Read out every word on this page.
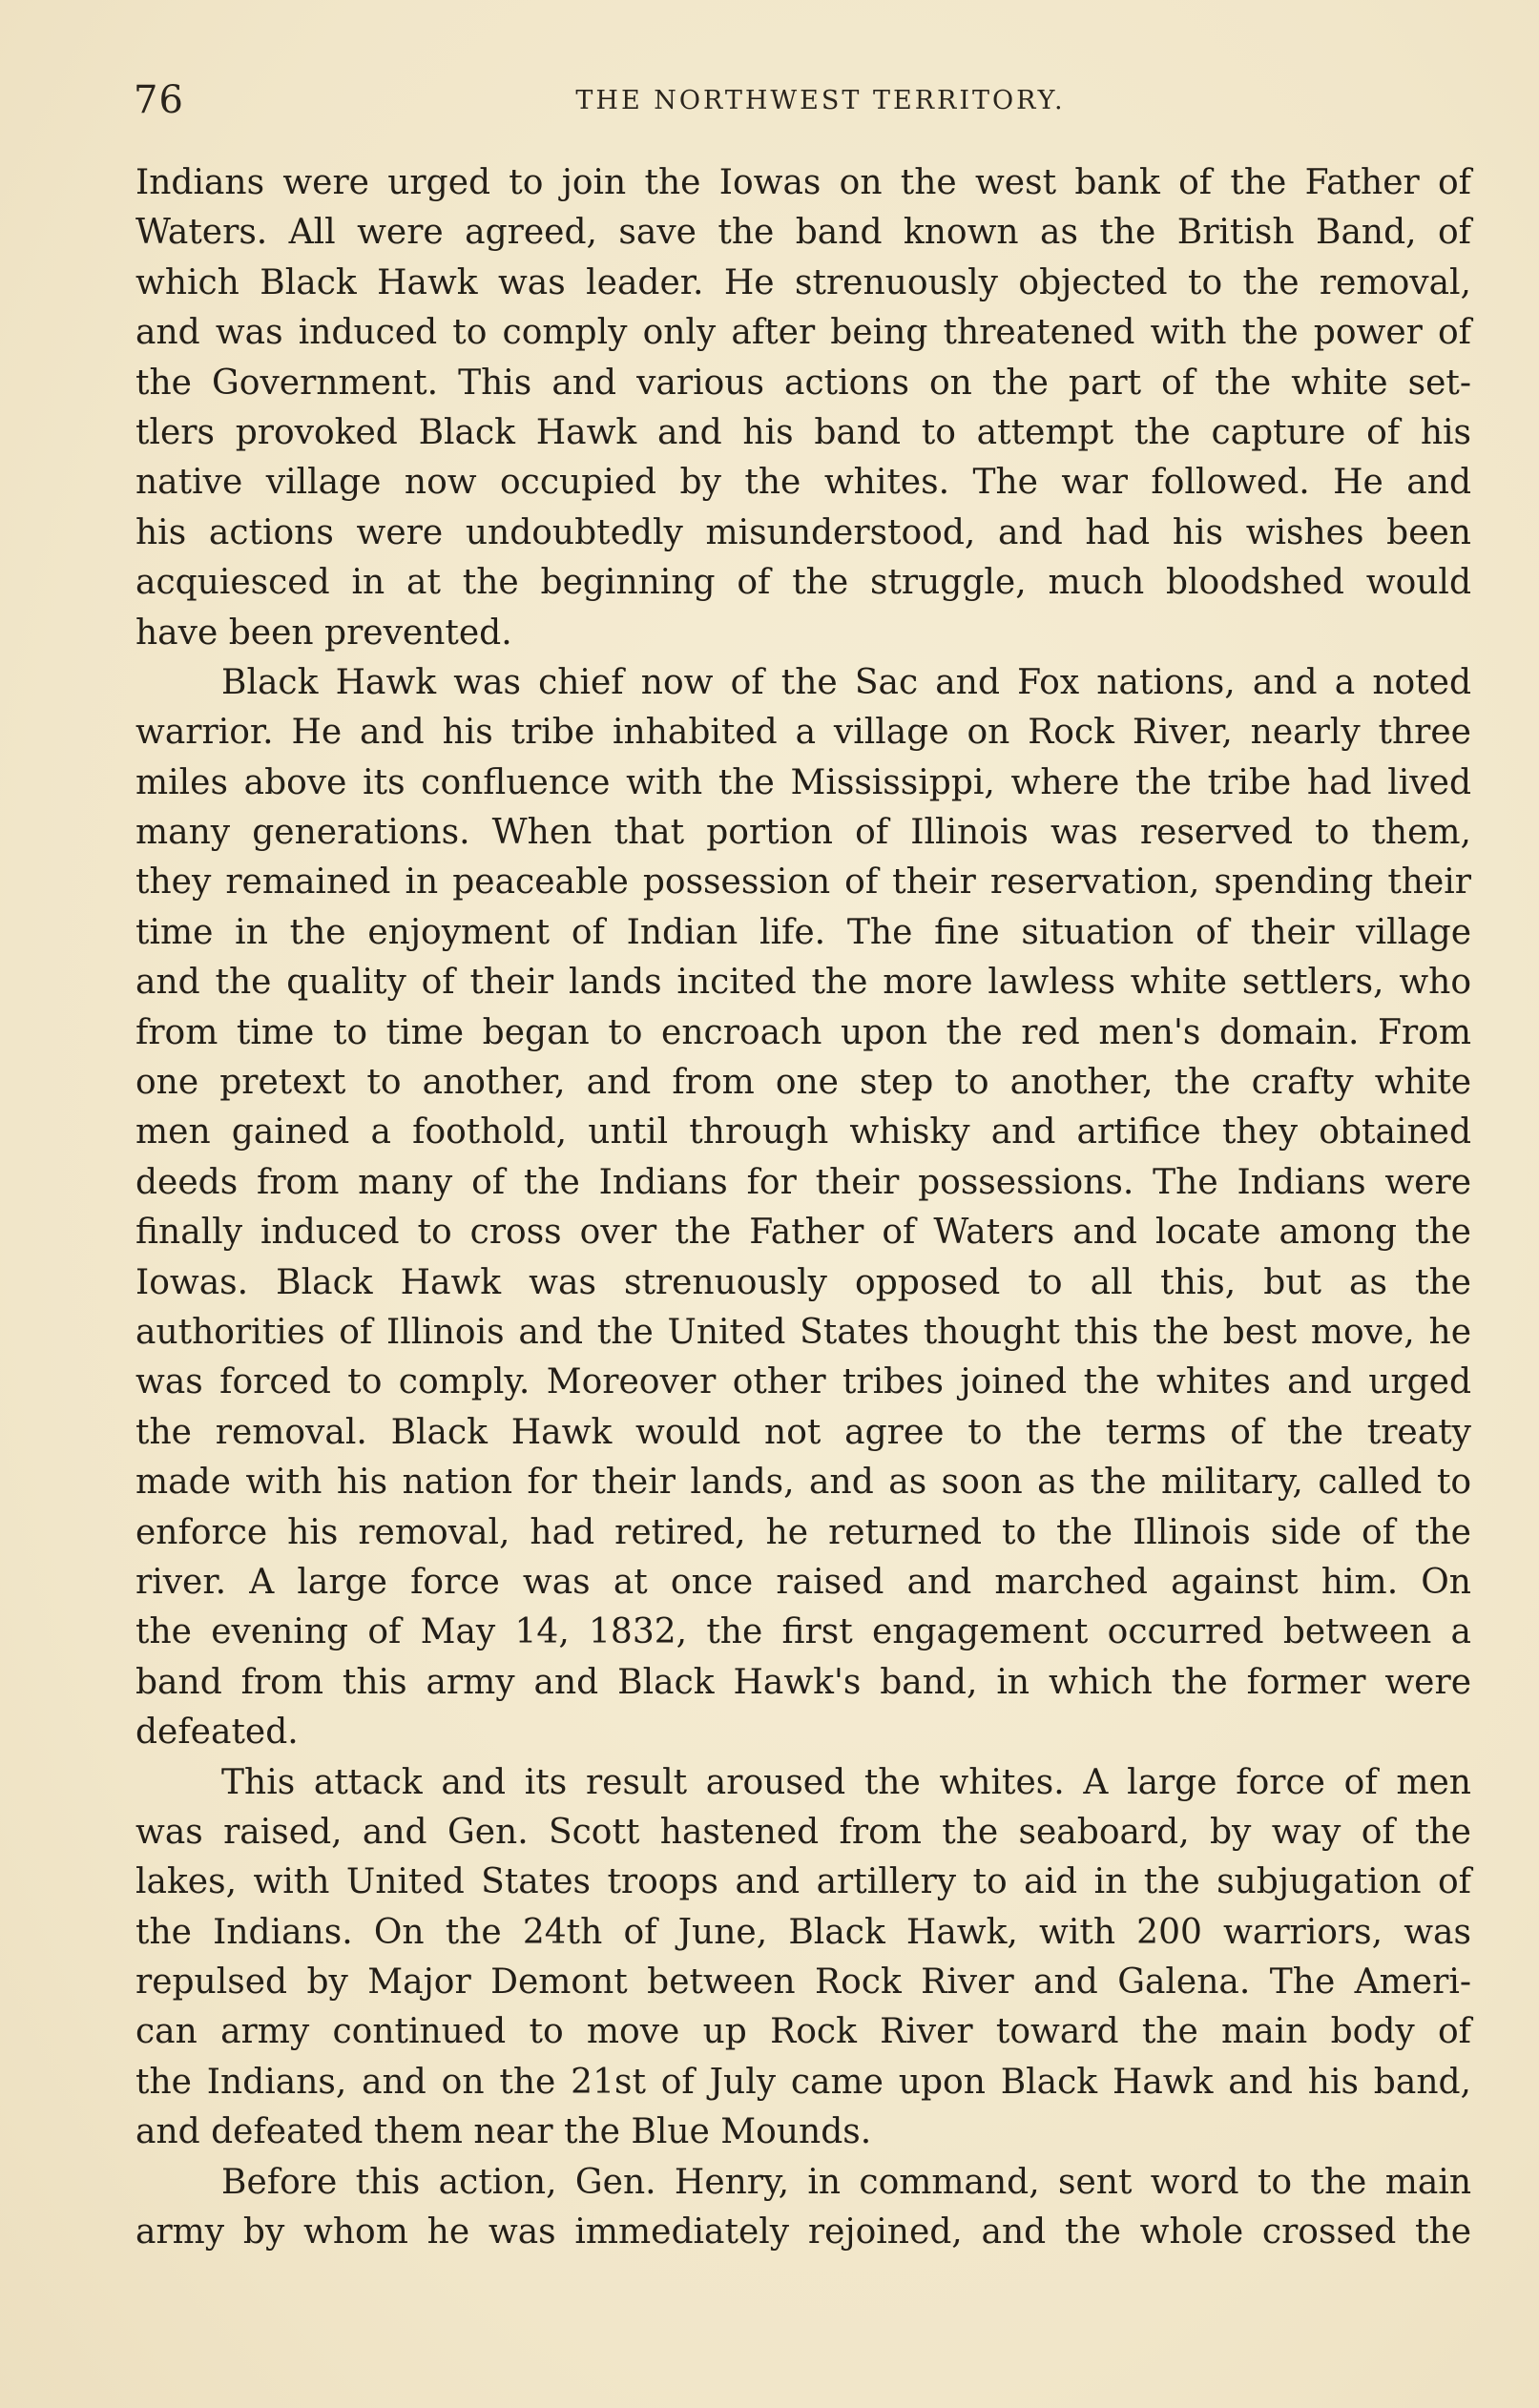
76	THE NORTHWEST TERRITORY.
Indians were urged to join the Iowas on the west bank of the Father of
Waters. All were agreed, save the band known as the British Band, of
which Black Hawk was leader. He strenuously objected to the removal,
and was induced to comply only after being threatened with the power of
the Government. This and various actions on the part of the white set-
tlers provoked Black Hawk and his band to attempt the capture of his
native village now occupied by the whites. The war followed. He and
his actions were undoubtedly misunderstood, and had his wishes been
acquiesced in at the beginning of the struggle, much bloodshed would
have been prevented.
Black Hawk was chief now of the Sac and Fox nations, and a noted
warrior. He and his tribe inhabited a village on Rock River, nearly three
miles above its confluence with the Mississippi, where the tribe had lived
many generations. When that portion of Illinois was reserved to them,
they remained in peaceable possession of their reservation, spending their
time in the enjoyment of Indian life. The fine situation of their village
and the quality of their lands incited the more lawless white settlers, who
from time to time began to encroach upon the red men's domain. From
one pretext to another, and from one step to another, the crafty white
men gained a foothold, until through whisky and artifice they obtained
deeds from many of the Indians for their possessions. The Indians were
finally induced to cross over the Father of Waters and locate among the
Iowas. Black Hawk was strenuously opposed to all this, but as the
authorities of Illinois and the United States thought this the best move, he
was forced to comply. Moreover other tribes joined the whites and urged
the removal. Black Hawk would not agree to the terms of the treaty
made with his nation for their lands, and as soon as the military, called to
enforce his removal, had retired, he returned to the Illinois side of the
river. A large force was at once raised and marched against him. On
the evening of May 14, 1832, the first engagement occurred between a
band from this army and Black Hawk's band, in which the former were
defeated.
This attack and its result aroused the whites. A large force of men
was raised, and Gen. Scott hastened from the seaboard, by way of the
lakes, with United States troops and artillery to aid in the subjugation of
the Indians. On the 24th of June, Black Hawk, with 200 warriors, was
repulsed by Major Demont between Rock River and Galena. The Ameri-
can army continued to move up Rock River toward the main body of
the Indians, and on the 21st of July came upon Black Hawk and his band,
and defeated them near the Blue Mounds.
Before this action, Gen. Henry, in command, sent word to the main
army by whom he was immediately rejoined, and the whole crossed the
